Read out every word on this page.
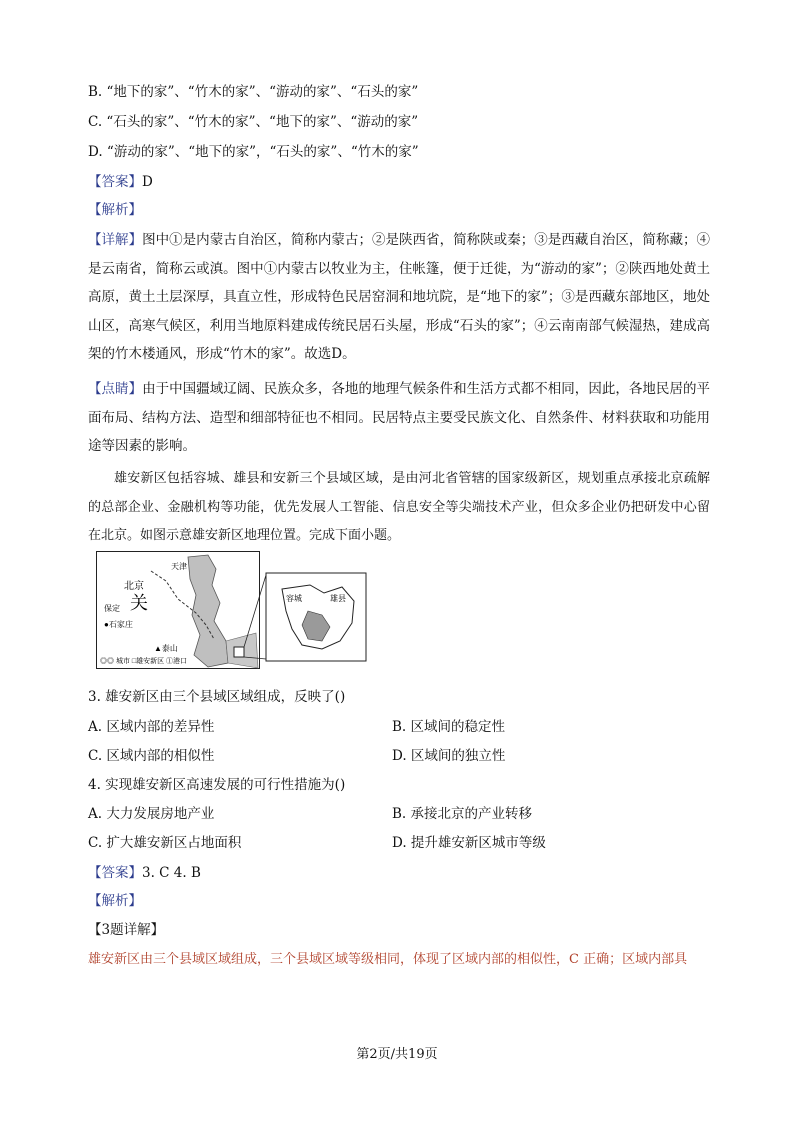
B. “地下的家”、“竹木的家”、“游动的家”、“石头的家”
C. “石头的家”、“竹木的家”、“地下的家”、“游动的家”
D. “游动的家”、“地下的家”，“石头的家”、“竹木的家”
【答案】D
【解析】
【详解】图中①是内蒙古自治区，简称内蒙古；②是陕西省，简称陕或秦；③是西藏自治区，简称藏；④是云南省，简称云或滇。图中①内蒙古以牧业为主，住帐篷，便于迁徙，为“游动的家”；②陕西地处黄土高原，黄土土层深厚，具直立性，形成特色民居窑洞和地坑院，是“地下的家”；③是西藏东部地区，地处山区，高寒气候区，利用当地原料建成传统民居石头屋，形成“石头的家”；④云南南部气候湿热，建成高架的竹木楼通风，形成“竹木的家”。故选D。
【点睛】由于中国疆域辽阔、民族众多，各地的地理气候条件和生活方式都不相同，因此，各地民居的平面布局、结构方法、造型和细部特征也不相同。民居特点主要受民族文化、自然条件、材料获取和功能用途等因素的影响。
雄安新区包括容城、雄县和安新三个县域区域，是由河北省管辖的国家级新区，规划重点承接北京疏解的总部企业、金融机构等功能，优先发展人工智能、信息安全等尖端技术产业，但众多企业仍把研发中心留在北京。如图示意雄安新区地理位置。完成下面小题。
北京
天津
保定
●石家庄
关
▲泰山
◎◎ 城市 □雄安新区 ①港口
容城	雄县
3. 雄安新区由三个县域区域组成，反映了()
A. 区域内部的差异性	B. 区域间的稳定性
C. 区域内部的相似性	D. 区域间的独立性
4. 实现雄安新区高速发展的可行性措施为()
A. 大力发展房地产业	B. 承接北京的产业转移
C. 扩大雄安新区占地面积	D. 提升雄安新区城市等级
【答案】3. C 4. B
【解析】
【3题详解】
雄安新区由三个县域区域组成，三个县域区域等级相同，体现了区域内部的相似性，C 正确；区域内部具
第2页/共19页
